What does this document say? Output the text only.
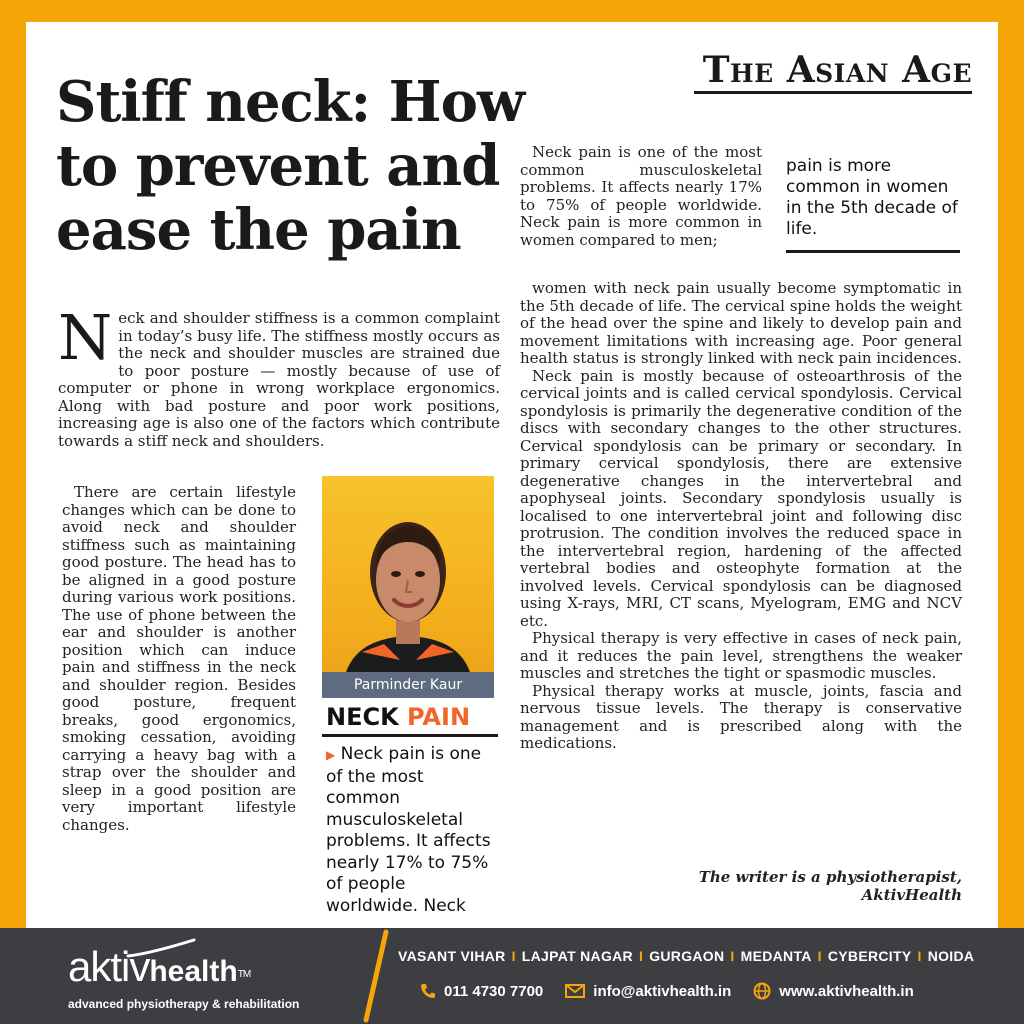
The Asian Age
Stiff neck: How to prevent and ease the pain
Neck and shoulder stiffness is a common complaint in today’s busy life. The stiffness mostly occurs as the neck and shoulder muscles are strained due to poor posture — mostly because of use of computer or phone in wrong workplace ergonomics. Along with bad posture and poor work positions, increasing age is also one of the factors which contribute towards a stiff neck and shoulders.

There are certain lifestyle changes which can be done to avoid neck and shoulder stiffness such as maintaining good posture. The head has to be aligned in a good posture during various work positions. The use of phone between the ear and shoulder is another position which can induce pain and stiffness in the neck and shoulder region. Besides good posture, frequent breaks, good ergonomics, smoking cessation, avoiding carrying a heavy bag with a strap over the shoulder and sleep in a good position are very important lifestyle changes.

Parminder Kaur
NECK PAIN
▶ Neck pain is one of the most common musculoskeletal problems. It affects nearly 17% to 75% of people worldwide. Neck

Neck pain is one of the most common musculoskeletal problems. It affects nearly 17% to 75% of people worldwide. Neck pain is more common in women compared to men;

pain is more common in women in the 5th decade of life.

women with neck pain usually become symptomatic in the 5th decade of life. The cervical spine holds the weight of the head over the spine and likely to develop pain and movement limitations with increasing age. Poor general health status is strongly linked with neck pain incidences.

Neck pain is mostly because of osteoarthrosis of the cervical joints and is called cervical spondylosis. Cervical spondylosis is primarily the degenerative condition of the discs with secondary changes to the other structures. Cervical spondylosis can be primary or secondary. In primary cervical spondylosis, there are extensive degenerative changes in the intervertebral and apophyseal joints. Secondary spondylosis usually is localised to one intervertebral joint and following disc protrusion. The condition involves the reduced space in the intervertebral region, hardening of the affected vertebral bodies and osteophyte formation at the involved levels. Cervical spondylosis can be diagnosed using X-rays, MRI, CT scans, Myelogram, EMG and NCV etc.

Physical therapy is very effective in cases of neck pain, and it reduces the pain level, strengthens the weaker muscles and stretches the tight or spasmodic muscles.

Physical therapy works at muscle, joints, fascia and nervous tissue levels. The therapy is conservative management and is prescribed along with the medications.

The writer is a physiotherapist,
AktivHealth
aktivhealth™
advanced physiotherapy & rehabilitation
VASANT VIHAR I LAJPAT NAGAR I GURGAON I MEDANTA I CYBERCITY I NOIDA
011 4730 7700	info@aktivhealth.in	www.aktivhealth.in
